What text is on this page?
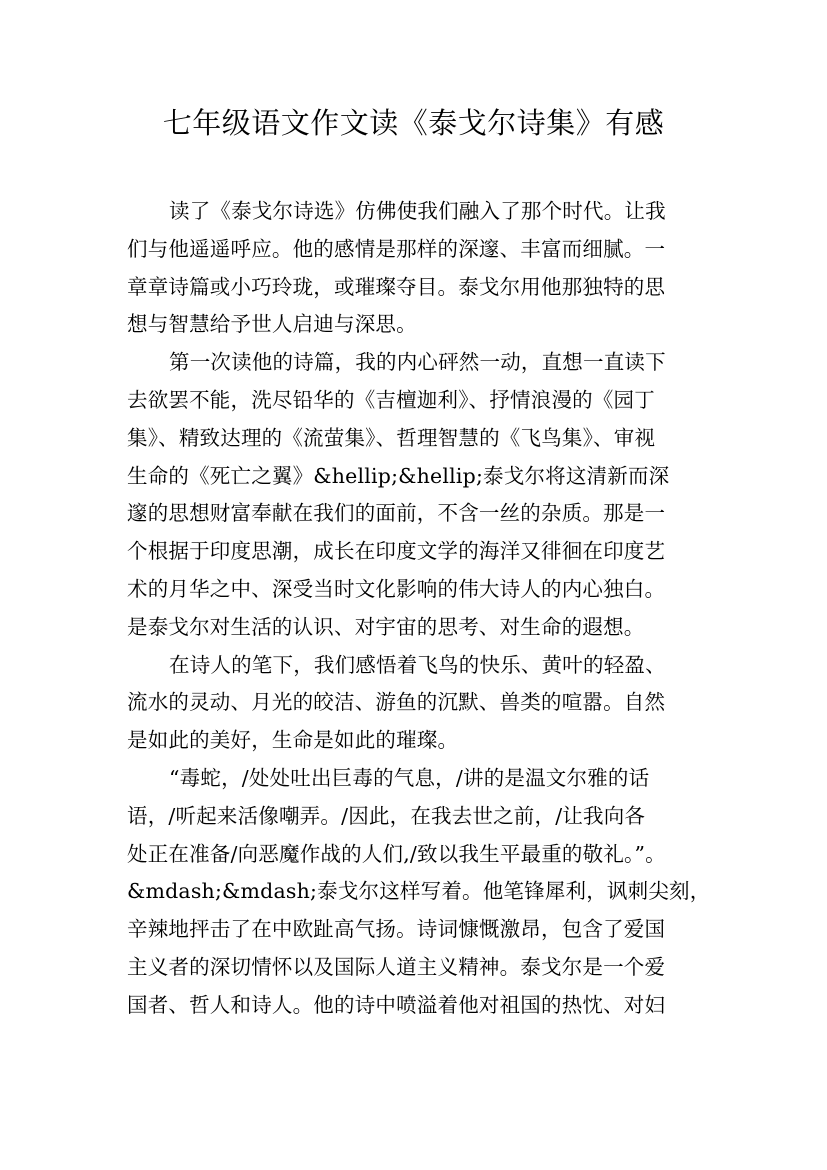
七年级语文作文读《泰戈尔诗集》有感
读了《泰戈尔诗选》仿佛使我们融入了那个时代。让我
们与他遥遥呼应。他的感情是那样的深邃、丰富而细腻。一
章章诗篇或小巧玲珑，或璀璨夺目。泰戈尔用他那独特的思
想与智慧给予世人启迪与深思。
第一次读他的诗篇，我的内心砰然一动，直想一直读下
去欲罢不能，洗尽铅华的《吉檀迦利》、抒情浪漫的《园丁
集》、精致达理的《流萤集》、哲理智慧的《飞鸟集》、审视
生命的《死亡之翼》&hellip;&hellip;泰戈尔将这清新而深
邃的思想财富奉献在我们的面前，不含一丝的杂质。那是一
个根据于印度思潮，成长在印度文学的海洋又徘徊在印度艺
术的月华之中、深受当时文化影响的伟大诗人的内心独白。
是泰戈尔对生活的认识、对宇宙的思考、对生命的遐想。
在诗人的笔下，我们感悟着飞鸟的快乐、黄叶的轻盈、
流水的灵动、月光的皎洁、游鱼的沉默、兽类的喧嚣。自然
是如此的美好，生命是如此的璀璨。
“毒蛇，/处处吐出巨毒的气息，/讲的是温文尔雅的话
语，/听起来活像嘲弄。/因此，在我去世之前，/让我向各
处正在准备/向恶魔作战的人们,/致以我生平最重的敬礼。”。
&mdash;&mdash;泰戈尔这样写着。他笔锋犀利，讽刺尖刻，
辛辣地抨击了在中欧趾高气扬。诗词慷慨激昂，包含了爱国
主义者的深切情怀以及国际人道主义精神。泰戈尔是一个爱
国者、哲人和诗人。他的诗中喷溢着他对祖国的热忱、对妇
